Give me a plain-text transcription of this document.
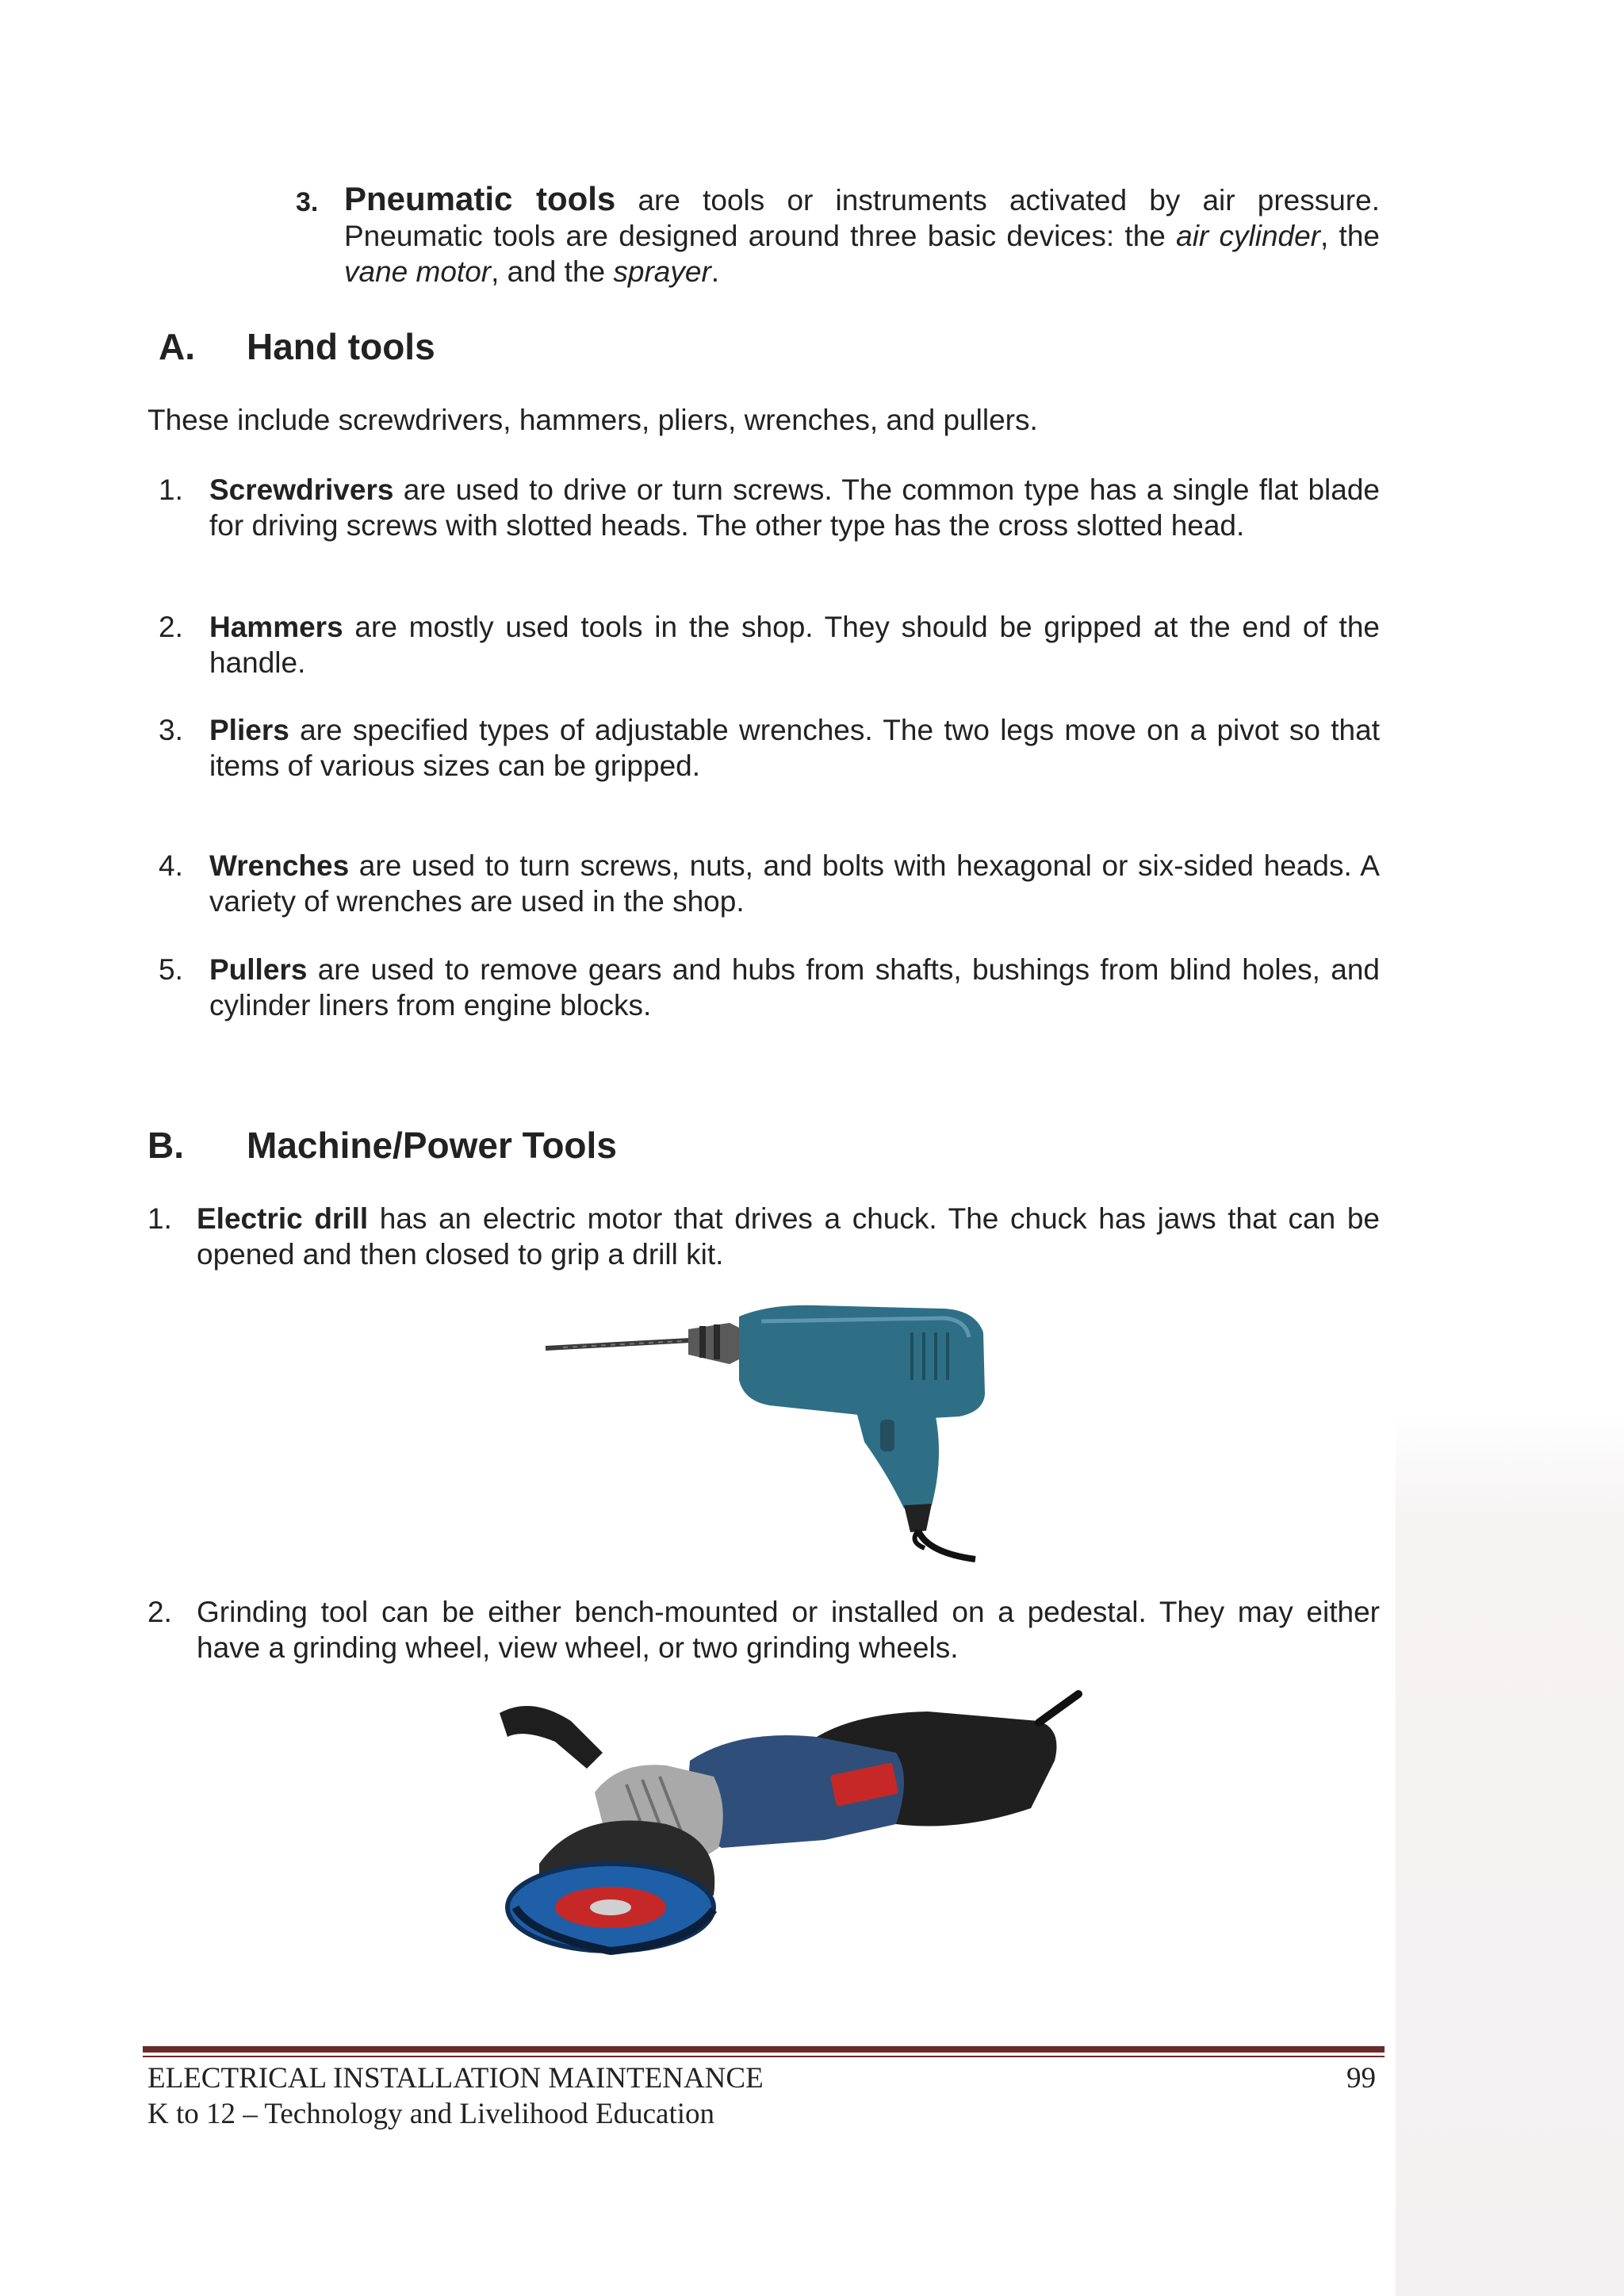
3. Pneumatic tools are tools or instruments activated by air pressure. Pneumatic tools are designed around three basic devices: the air cylinder, the vane motor, and the sprayer.
A. Hand tools
These include screwdrivers, hammers, pliers, wrenches, and pullers.
1. Screwdrivers are used to drive or turn screws. The common type has a single flat blade for driving screws with slotted heads. The other type has the cross slotted head.
2. Hammers are mostly used tools in the shop. They should be gripped at the end of the handle.
3. Pliers are specified types of adjustable wrenches. The two legs move on a pivot so that items of various sizes can be gripped.
4. Wrenches are used to turn screws, nuts, and bolts with hexagonal or six-sided heads. A variety of wrenches are used in the shop.
5. Pullers are used to remove gears and hubs from shafts, bushings from blind holes, and cylinder liners from engine blocks.
B. Machine/Power Tools
1. Electric drill has an electric motor that drives a chuck. The chuck has jaws that can be opened and then closed to grip a drill kit.
2. Grinding tool can be either bench-mounted or installed on a pedestal. They may either have a grinding wheel, view wheel, or two grinding wheels.
ELECTRICAL INSTALLATION MAINTENANCE	99
K to 12 – Technology and Livelihood Education
